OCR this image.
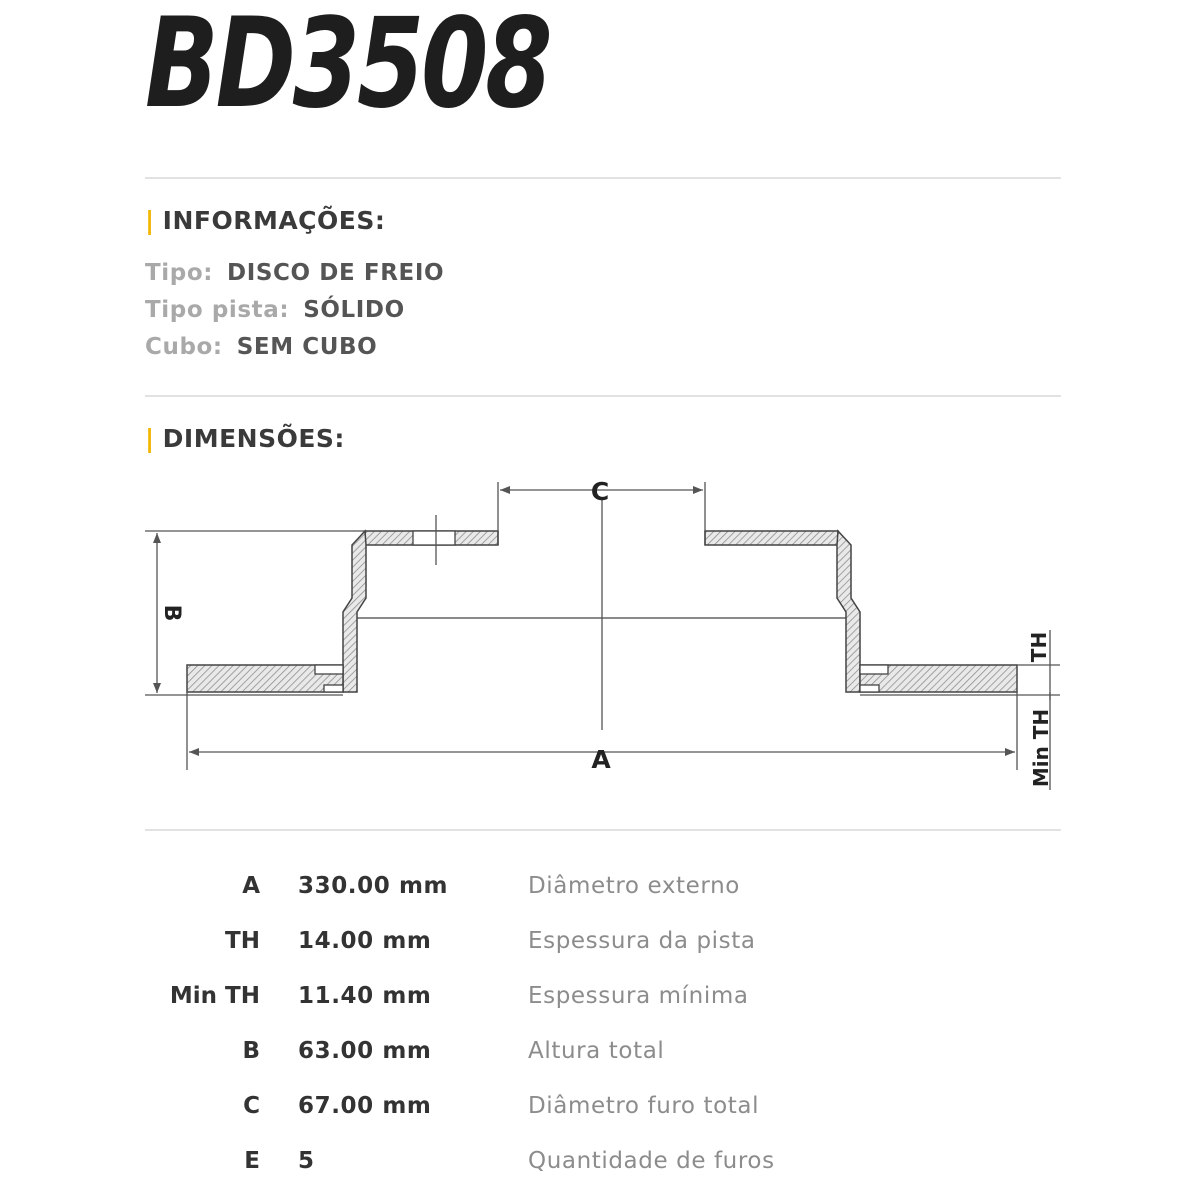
BD3508
| INFORMAÇÕES:
Tipo: DISCO DE FREIO
Tipo pista: SÓLIDO
Cubo: SEM CUBO
| DIMENSÕES:
C
A
B
TH
Min TH
A 330.00 mm	Diâmetro externo
TH 14.00 mm	Espessura da pista
Min TH 11.40 mm	Espessura mínima
B 63.00 mm	Altura total
C 67.00 mm	Diâmetro furo total
E 5	Quantidade de furos
